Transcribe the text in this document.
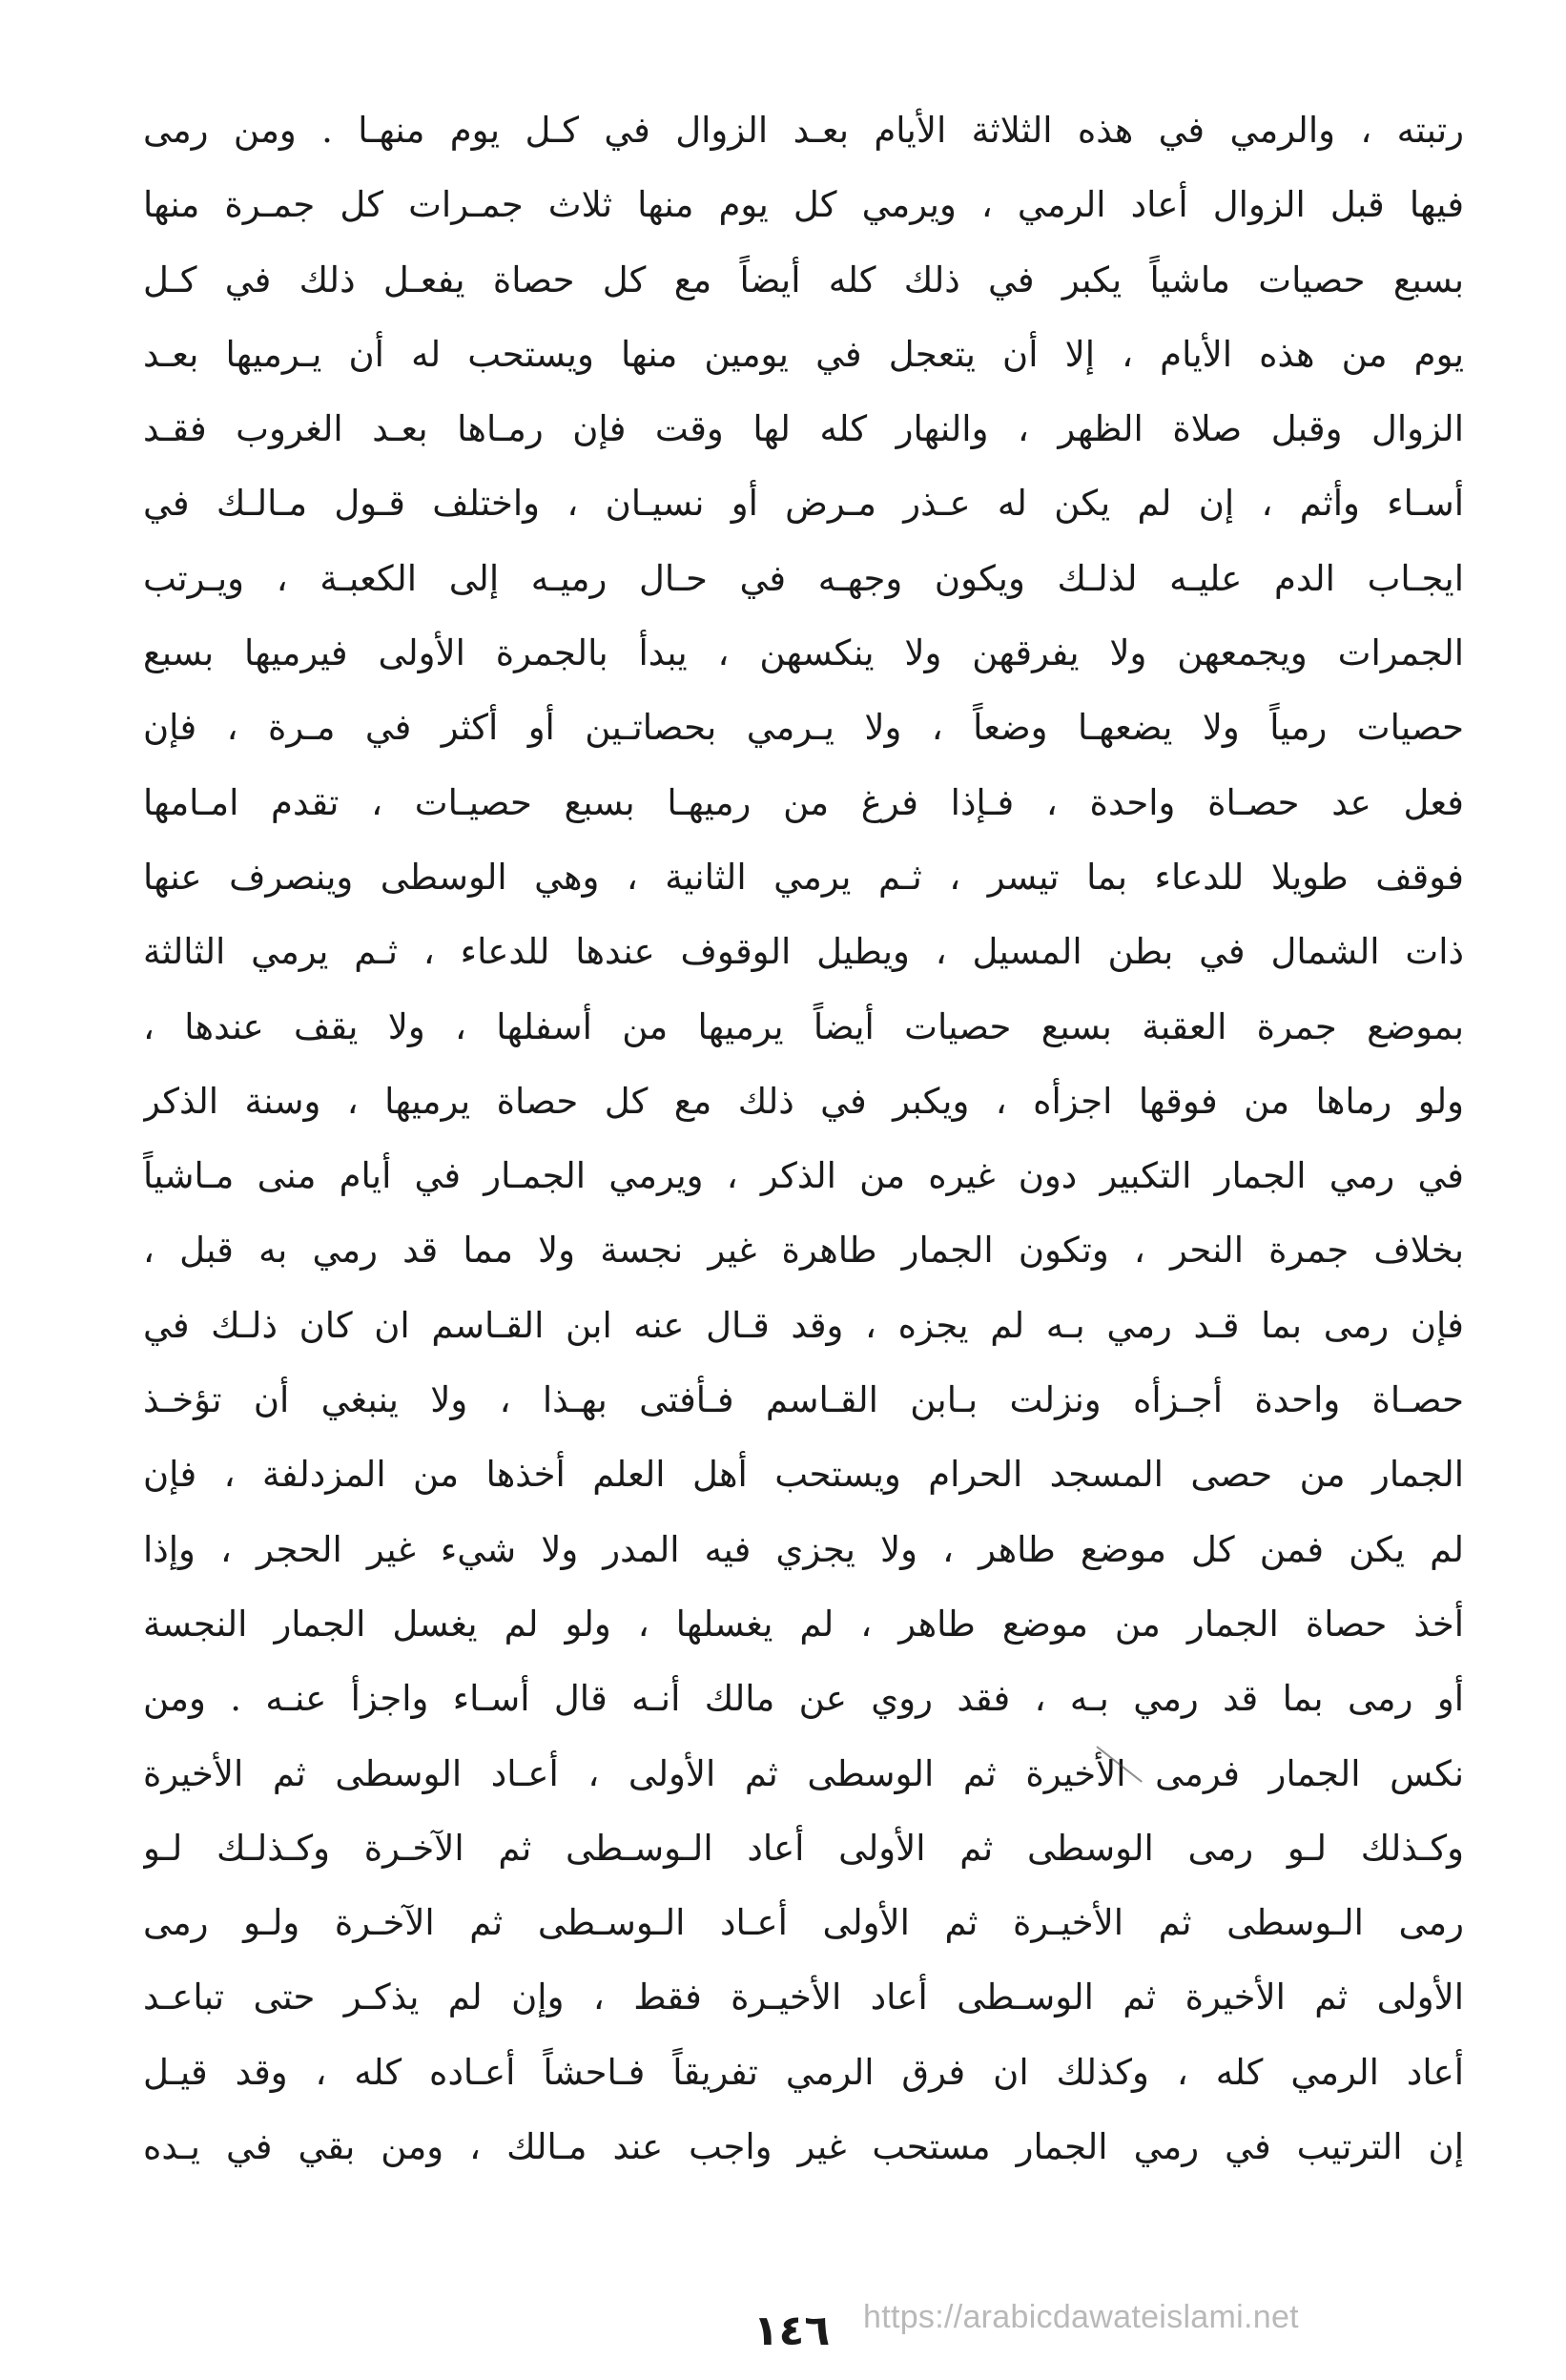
رتبته ، والرمي في هذه الثلاثة الأيام بعـد الزوال في كـل يوم منهـا . ومن رمى
فيها قبل الزوال أعاد الرمي ، ويرمي كل يوم منها ثلاث جمـرات كل جمـرة منها
بسبع حصيات ماشياً يكبر في ذلك كله أيضاً مع كل حصاة يفعـل ذلك في كـل
يوم من هذه الأيام ، إلا أن يتعجل في يومين منها ويستحب له أن يـرميها بعـد
الزوال وقبل صلاة الظهر ، والنهار كله لها وقت فإن رمـاها بعـد الغروب فقـد
أسـاء وأثم ، إن لم يكن له عـذر مـرض أو نسيـان ، واختلف قـول مـالـك في
ايجـاب الدم عليـه لذلـك ويكون وجهـه في حـال رميـه إلى الكعبـة ، ويـرتب
الجمرات ويجمعهن ولا يفرقهن ولا ينكسهن ، يبدأ بالجمرة الأولى فيرميها بسبع
حصيات رمياً ولا يضعهـا وضعاً ، ولا يـرمي بحصاتـين أو أكثر في مـرة ، فإن
فعل عد حصـاة واحدة ، فـإذا فرغ من رميهـا بسبع حصيـات ، تقدم امـامها
فوقف طويلا للدعاء بما تيسر ، ثـم يرمي الثانية ، وهي الوسطى وينصرف عنها
ذات الشمال في بطن المسيل ، ويطيل الوقوف عندها للدعاء ، ثـم يرمي الثالثة
بموضع جمرة العقبة بسبع حصيات أيضاً يرميها من أسفلها ، ولا يقف عندها ،
ولو رماها من فوقها اجزأه ، ويكبر في ذلك مع كل حصاة يرميها ، وسنة الذكر
في رمي الجمار التكبير دون غيره من الذكر ، ويرمي الجمـار في أيام منى مـاشياً
بخلاف جمرة النحر ، وتكون الجمار طاهرة غير نجسة ولا مما قد رمي به قبل ،
فإن رمى بما قـد رمي بـه لم يجزه ، وقد قـال عنه ابن القـاسم ان كان ذلـك في
حصـاة واحدة أجـزأه ونزلت بـابن القـاسم فـأفتى بهـذا ، ولا ينبغي أن تؤخـذ
الجمار من حصى المسجد الحرام ويستحب أهل العلم أخذها من المزدلفة ، فإن
لم يكن فمن كل موضع طاهر ، ولا يجزي فيه المدر ولا شيء غير الحجر ، وإذا
أخذ حصاة الجمار من موضع طاهر ، لم يغسلها ، ولو لم يغسل الجمار النجسة
أو رمى بما قد رمي بـه ، فقد روي عن مالك أنـه قال أسـاء واجزأ عنـه . ومن
نكس الجمار فرمى الأخيرة ثم الوسطى ثم الأولى ، أعـاد الوسطى ثم الأخيرة
وكـذلك لـو رمى الوسطى ثم الأولى أعاد الـوسـطى ثم الآخـرة وكـذلـك لـو
رمى الـوسطى ثم الأخيـرة ثم الأولى أعـاد الـوسـطى ثم الآخـرة ولـو رمى
الأولى ثم الأخيرة ثم الوسـطى أعاد الأخيـرة فقط ، وإن لم يذكـر حتى تباعـد
أعاد الرمي كله ، وكذلك ان فرق الرمي تفريقاً فـاحشاً أعـاده كله ، وقد قيـل
إن الترتيب في رمي الجمار مستحب غير واجب عند مـالك ، ومن بقي في يـده
١٤٦	https://arabicdawateislami.net
